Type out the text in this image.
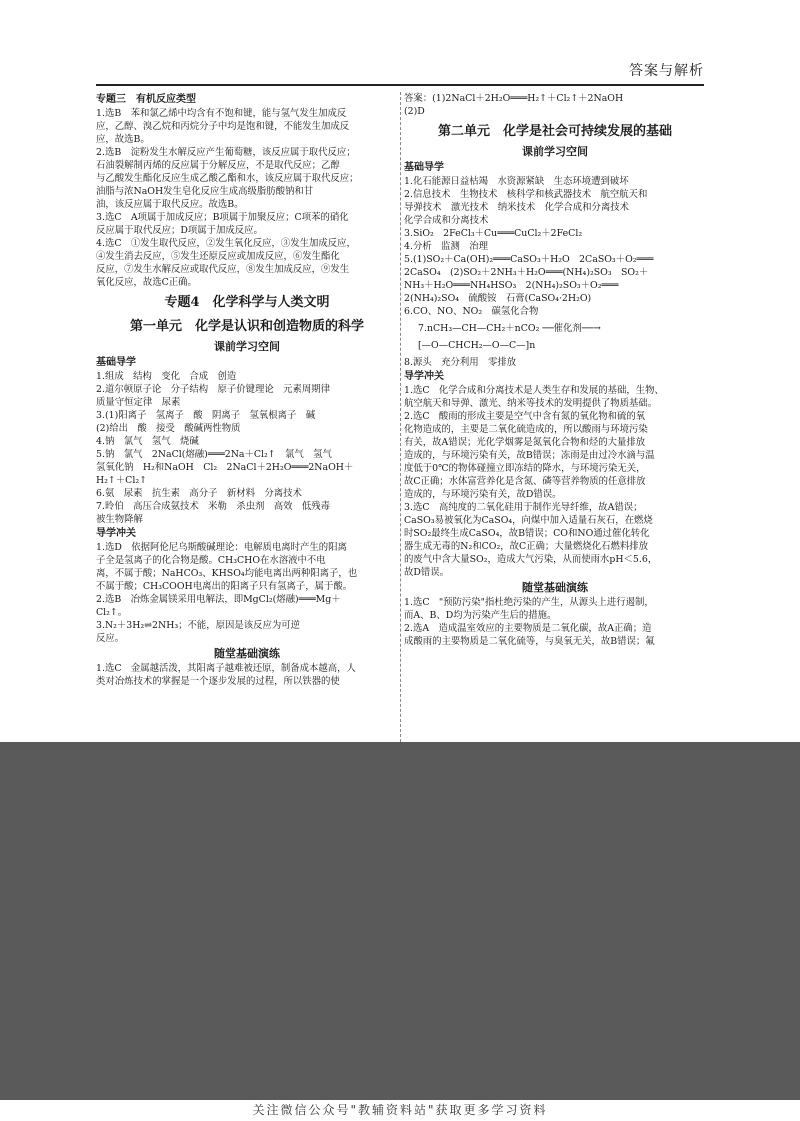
答案与解析
专题三　有机反应类型
1.选B　苯和氯乙烯中均含有不饱和键，能与氢气发生加成反
应，乙醇、溴乙烷和丙烷分子中均是饱和键，不能发生加成反
应，故选B。
2.选B　淀粉发生水解反应产生葡萄糖，该反应属于取代反应；
石油裂解制丙烯的反应属于分解反应，不是取代反应；乙醇
与乙酸发生酯化反应生成乙酸乙酯和水，该反应属于取代反应；
油脂与浓NaOH发生皂化反应生成高级脂肪酸钠和甘
油，该反应属于取代反应。故选B。
3.选C　A项属于加成反应；B项属于加聚反应；C项苯的硝化
反应属于取代反应；D项属于加成反应。
4.选C　①发生取代反应，②发生氧化反应，③发生加成反应，
④发生消去反应，⑤发生还原反应或加成反应，⑥发生酯化
反应，⑦发生水解反应或取代反应，⑧发生加成反应，⑨发生
氧化反应，故选C正确。
专题4　化学科学与人类文明
第一单元　化学是认识和创造物质的科学
课前学习空间
基础导学
1.组成　结构　变化　合成　创造
2.道尔顿原子论　分子结构　原子价键理论　元素周期律
质量守恒定律　尿素
3.(1)阳离子　氢离子　酸　阴离子　氢氧根离子　碱
(2)给出　酸　接受　酸碱两性物质
4.钠　氯气　氢气　烧碱
5.钠　氯气　2NaCl(熔融)═══2Na＋Cl₂↑　氯气　氢气
氢氧化钠　H₂和NaOH　Cl₂　2NaCl＋2H₂O═══2NaOH＋
H₂↑＋Cl₂↑
6.氨　尿素　抗生素　高分子　新材料　分离技术
7.昤伯　高压合成氨技术　米勒　杀虫剂　高效　低残毒
被生物降解
导学冲关
1.选D　依据阿伦尼乌斯酸碱理论：电解质电离时产生的阳离
子全是氢离子的化合物是酸。CH₃CHO在水溶液中不电
离，不属于酸；NaHCO₃、KHSO₄均能电离出两种阳离子，也
不属于酸；CH₃COOH电离出的阳离子只有氢离子，属于酸。
2.选B　冶炼金属镁采用电解法，即MgCl₂(熔融)═══Mg＋
Cl₂↑。
3.N₂＋3H₂⇌2NH₃；不能，原因是该反应为可逆
反应。
随堂基础演练
1.选C　金属越活泼，其阳离子越难被还原，制备成本越高，人
类对冶炼技术的掌握是一个逐步发展的过程，所以铁器的使
答案：(1)2NaCl＋2H₂O═══H₂↑＋Cl₂↑＋2NaOH
(2)D
第二单元　化学是社会可持续发展的基础
课前学习空间
基础导学
1.化石能源日益枯竭　水资源紧缺　生态环境遭到破坏
2.信息技术　生物技术　核科学和核武器技术　航空航天和
导弹技术　激光技术　纳米技术　化学合成和分离技术
化学合成和分离技术
3.SiO₂　2FeCl₃＋Cu═══CuCl₂＋2FeCl₂
4.分析　监测　治理
5.(1)SO₂＋Ca(OH)₂═══CaSO₃＋H₂O　2CaSO₃＋O₂═══
2CaSO₄　(2)SO₂＋2NH₃＋H₂O═══(NH₄)₂SO₃　SO₂＋
NH₃＋H₂O═══NH₄HSO₃　2(NH₄)₂SO₃＋O₂═══
2(NH₄)₂SO₄　硫酸铵　石膏(CaSO₄·2H₂O)
6.CO、NO、NO₂　碳氢化合物
7.nCH₃—CH—CH₂＋nCO₂ ──催化剂──→
[—O—CHCH₂—O—C—]n
8.源头　充分利用　零排放
导学冲关
1.选C　化学合成和分离技术是人类生存和发展的基础，生物、
航空航天和导弹、激光、纳米等技术的发明提供了物质基础。
2.选C　酸雨的形成主要是空气中含有氮的氧化物和硫的氧
化物造成的，主要是二氧化硫造成的，所以酸雨与环境污染
有关，故A错误；光化学烟雾是氮氧化合物和烃的大量排放
造成的，与环境污染有关，故B错误；冻雨是由过冷水滴与温
度低于0℃的物体碰撞立即冻结的降水，与环境污染无关，
故C正确；水体富营养化是含氮、磷等营养物质的任意排放
造成的，与环境污染有关，故D错误。
3.选C　高纯度的二氧化硅用于制作光导纤维，故A错误；
CaSO₃易被氧化为CaSO₄，向煤中加入适量石灰石，在燃烧
时SO₂最终生成CaSO₄，故B错误；CO和NO通过催化转化
器生成无毒的N₂和CO₂，故C正确；大量燃烧化石燃料排放
的废气中含大量SO₂，造成大气污染，从而使雨水pH＜5.6，
故D错误。
随堂基础演练
1.选C　"预防污染"指杜绝污染的产生，从源头上进行遏制，
而A、B、D均为污染产生后的措施。
2.选A　造成温室效应的主要物质是二氧化碳，故A正确；造
成酸雨的主要物质是二氧化硫等，与臭氧无关，故B错误；氟
关注微信公众号"教辅资料站"获取更多学习资料
